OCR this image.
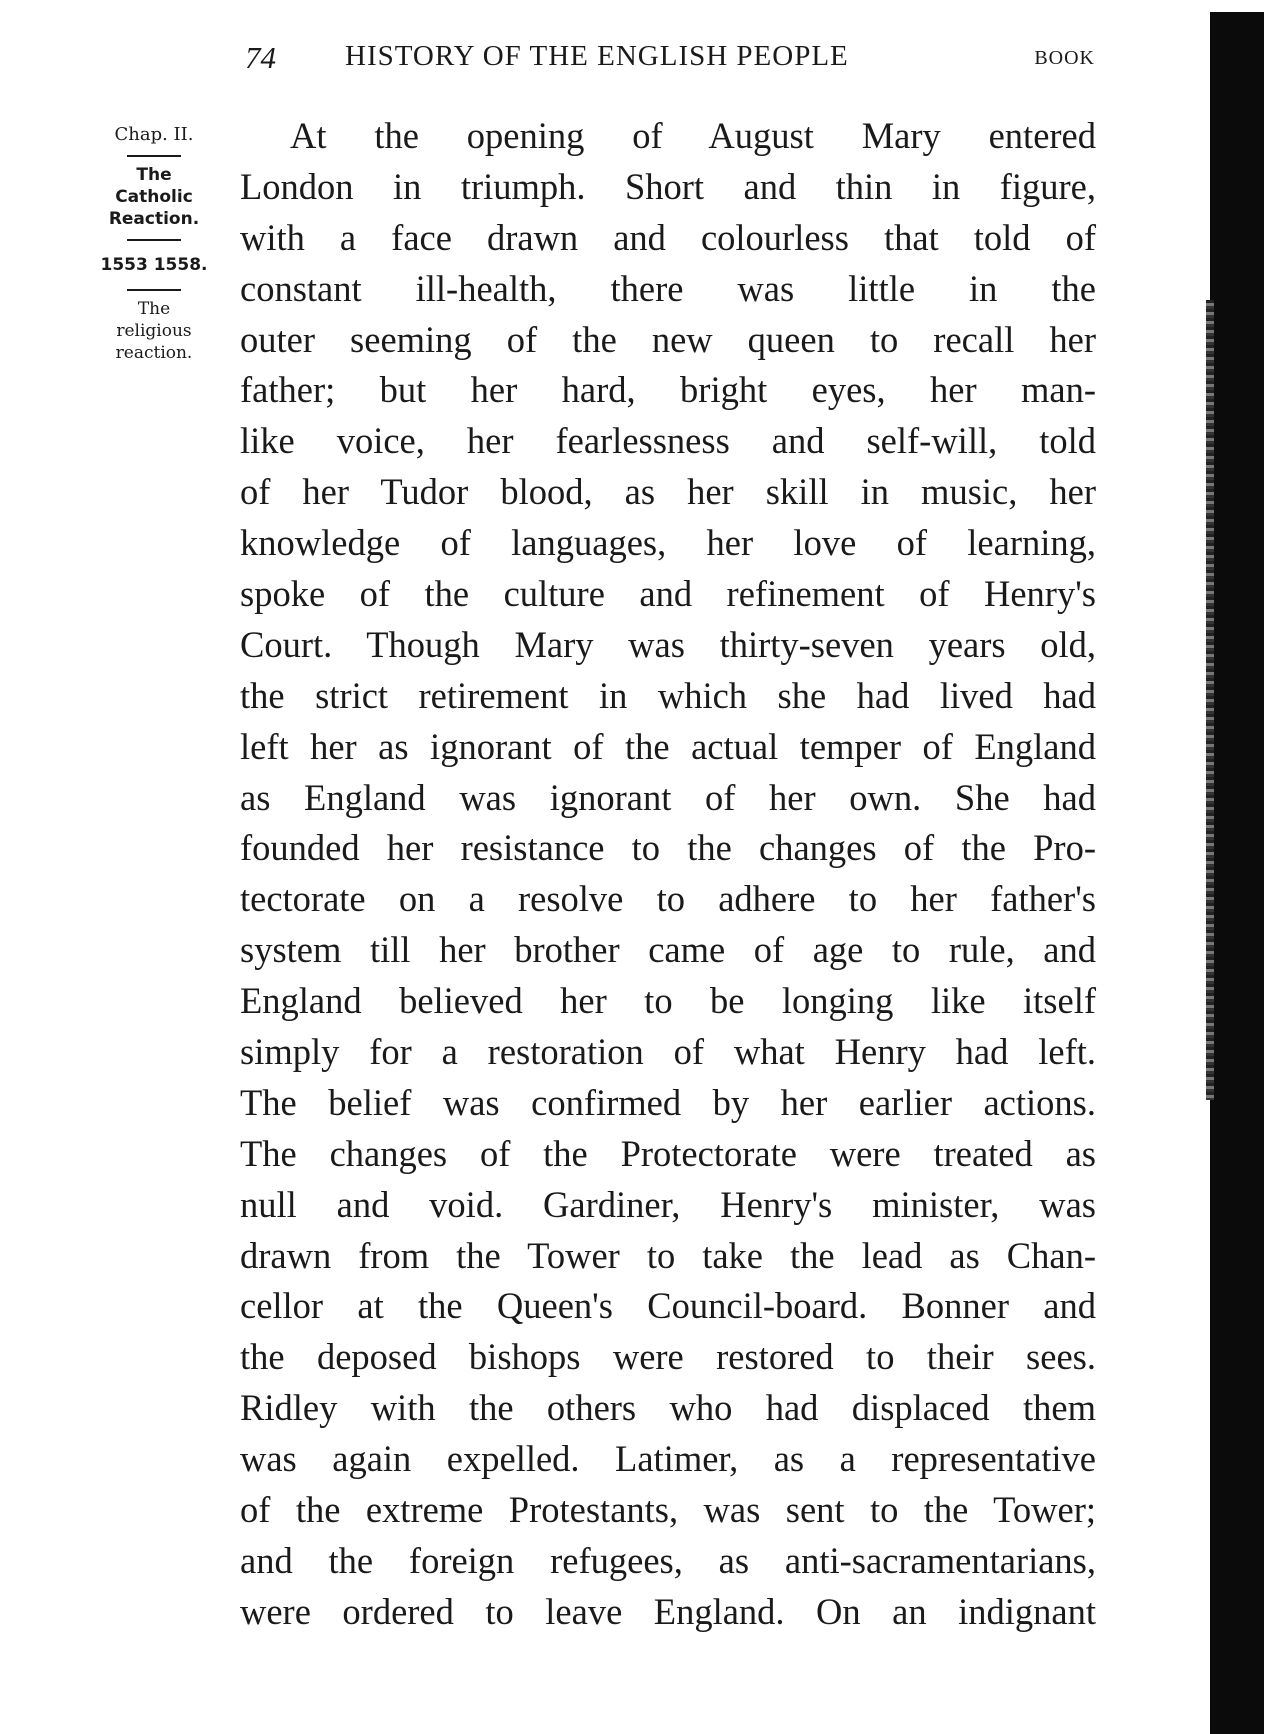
74 HISTORY OF THE ENGLISH PEOPLE	BOOK
Chap. II.
The
Catholic
Reaction.
1553 1558.
The
religious
reaction.
At the opening of August Mary entered
London in triumph. Short and thin in figure,
with a face drawn and colourless that told of
constant ill-health, there was little in the
outer seeming of the new queen to recall her
father; but her hard, bright eyes, her man-
like voice, her fearlessness and self-will, told
of her Tudor blood, as her skill in music, her
knowledge of languages, her love of learning,
spoke of the culture and refinement of Henry's
Court. Though Mary was thirty-seven years old,
the strict retirement in which she had lived had
left her as ignorant of the actual temper of England
as England was ignorant of her own. She had
founded her resistance to the changes of the Pro-
tectorate on a resolve to adhere to her father's
system till her brother came of age to rule, and
England believed her to be longing like itself
simply for a restoration of what Henry had left.
The belief was confirmed by her earlier actions.
The changes of the Protectorate were treated as
null and void. Gardiner, Henry's minister, was
drawn from the Tower to take the lead as Chan-
cellor at the Queen's Council-board. Bonner and
the deposed bishops were restored to their sees.
Ridley with the others who had displaced them
was again expelled. Latimer, as a representative
of the extreme Protestants, was sent to the Tower;
and the foreign refugees, as anti-sacramentarians,
were ordered to leave England. On an indignant
